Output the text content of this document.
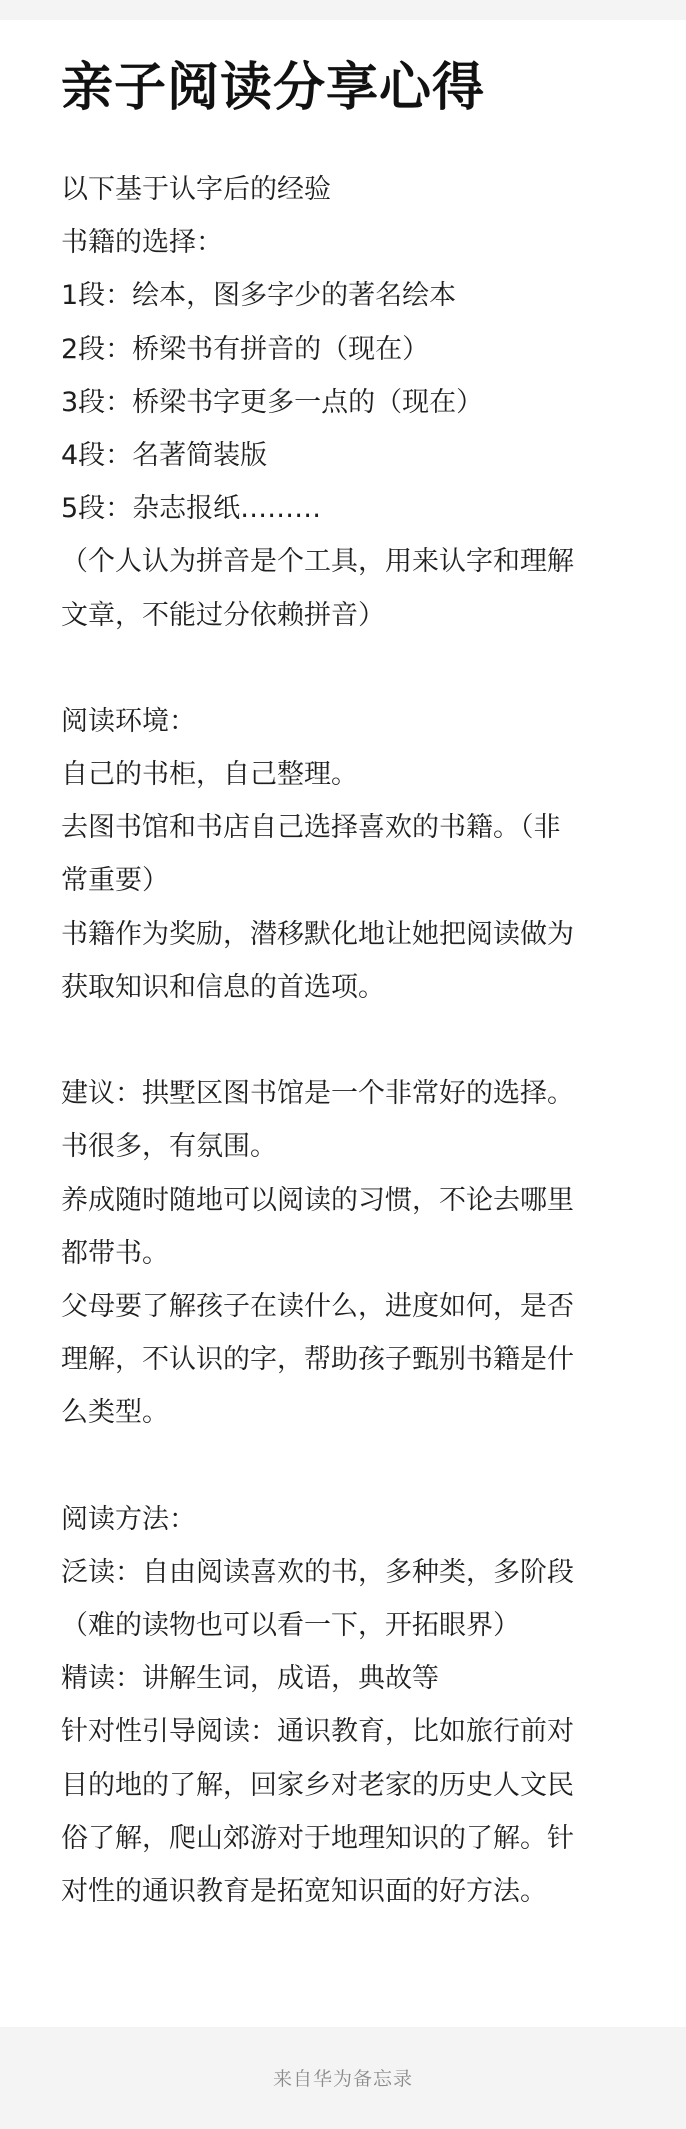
亲子阅读分享心得
以下基于认字后的经验
书籍的选择：
1段：绘本，图多字少的著名绘本
2段：桥梁书有拼音的（现在）
3段：桥梁书字更多一点的（现在）
4段：名著简装版
5段：杂志报纸………
（个人认为拼音是个工具，用来认字和理解
文章，不能过分依赖拼音）
阅读环境：
自己的书柜，自己整理。
去图书馆和书店自己选择喜欢的书籍。（非
常重要）
书籍作为奖励，潜移默化地让她把阅读做为
获取知识和信息的首选项。
建议：拱墅区图书馆是一个非常好的选择。
书很多，有氛围。
养成随时随地可以阅读的习惯，不论去哪里
都带书。
父母要了解孩子在读什么，进度如何，是否
理解，不认识的字，帮助孩子甄别书籍是什
么类型。
阅读方法：
泛读：自由阅读喜欢的书，多种类，多阶段
（难的读物也可以看一下，开拓眼界）
精读：讲解生词，成语，典故等
针对性引导阅读：通识教育，比如旅行前对
目的地的了解，回家乡对老家的历史人文民
俗了解，爬山郊游对于地理知识的了解。针
对性的通识教育是拓宽知识面的好方法。
来自华为备忘录
